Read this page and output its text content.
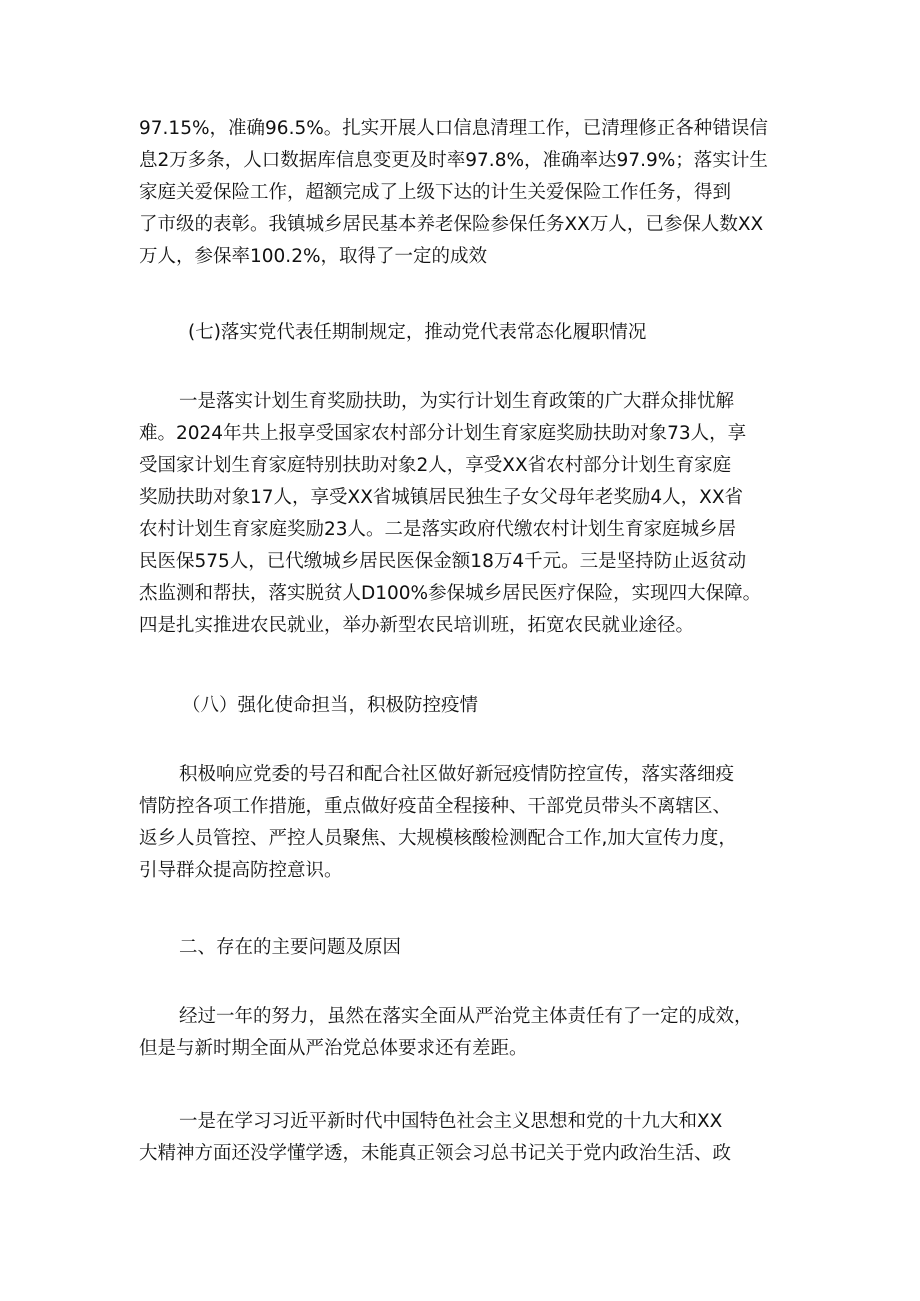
97.15%，准确96.5%。扎实开展人口信息清理工作，已清理修正各种错误信
息2万多条，人口数据库信息变更及时率97.8%，准确率达97.9%；落实计生
家庭关爱保险工作，超额完成了上级下达的计生关爱保险工作任务，得到
了市级的表彰。我镇城乡居民基本养老保险参保任务XX万人，已参保人数XX
万人，参保率100.2%，取得了一定的成效
(七)落实党代表任期制规定，推动党代表常态化履职情况
一是落实计划生育奖励扶助，为实行计划生育政策的广大群众排忧解
难。2024年共上报享受国家农村部分计划生育家庭奖励扶助对象73人，享
受国家计划生育家庭特别扶助对象2人，享受XX省农村部分计划生育家庭
奖励扶助对象17人，享受XX省城镇居民独生子女父母年老奖励4人，XX省
农村计划生育家庭奖励23人。二是落实政府代缴农村计划生育家庭城乡居
民医保575人，已代缴城乡居民医保金额18万4千元。三是坚持防止返贫动
杰监测和帮扶，落实脱贫人D100%参保城乡居民医疗保险，实现四大保障。
四是扎实推进农民就业，举办新型农民培训班，拓宽农民就业途径。
（八）强化使命担当，积极防控疫情
积极响应党委的号召和配合社区做好新冠疫情防控宣传，落实落细疫
情防控各项工作措施，重点做好疫苗全程接种、干部党员带头不离辖区、
返乡人员管控、严控人员聚焦、大规模核酸检测配合工作,加大宣传力度，
引导群众提高防控意识。
二、存在的主要问题及原因
经过一年的努力，虽然在落实全面从严治党主体责任有了一定的成效，
但是与新时期全面从严治党总体要求还有差距。
一是在学习习近平新时代中国特色社会主义思想和党的十九大和XX
大精神方面还没学懂学透，未能真正领会习总书记关于党内政治生活、政
